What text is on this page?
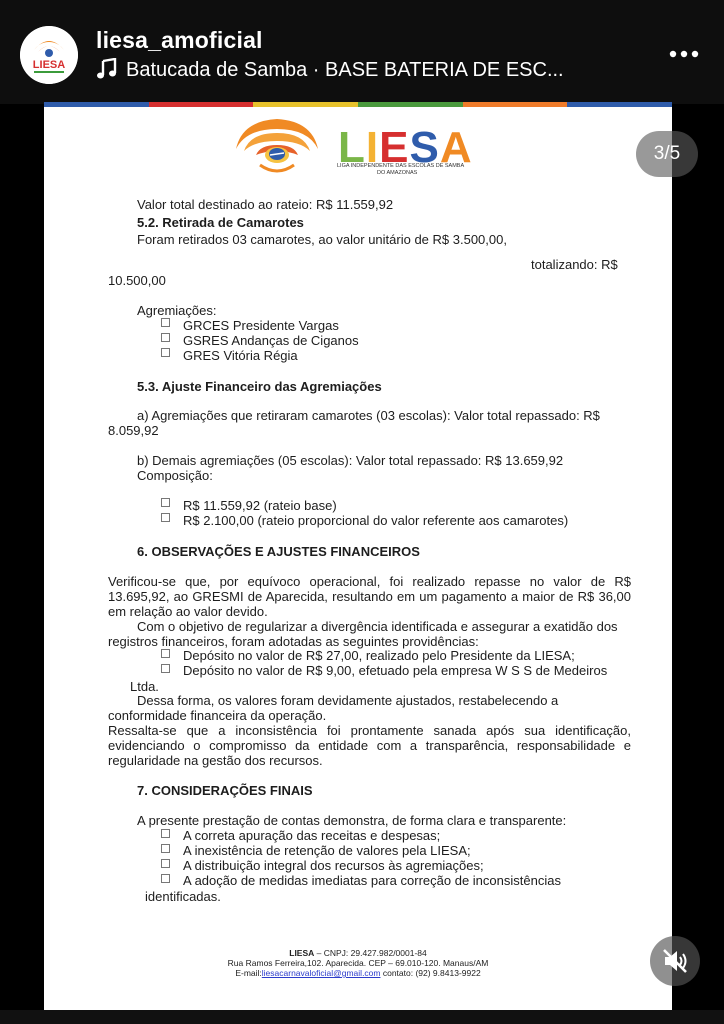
LIESA
liesa_amoficial
Batucada de Samba · BASE BATERIA DE ESC...
LIESA
LIGA INDEPENDENTE DAS ESCOLAS DE SAMBA
DO AMAZONAS
Valor total destinado ao rateio: R$ 11.559,92
5.2. Retirada de Camarotes
Foram retirados 03 camarotes, ao valor unitário de R$ 3.500,00,
totalizando: R$
10.500,00
Agremiações:
GRCES Presidente Vargas
GSRES Andanças de Ciganos
GRES Vitória Régia
5.3. Ajuste Financeiro das Agremiações
a) Agremiações que retiraram camarotes (03 escolas): Valor total repassado: R$
8.059,92
b) Demais agremiações (05 escolas): Valor total repassado: R$ 13.659,92
Composição:
R$ 11.559,92 (rateio base)
R$ 2.100,00 (rateio proporcional do valor referente aos camarotes)
6. OBSERVAÇÕES E AJUSTES FINANCEIROS
Verificou-se que, por equívoco operacional, foi realizado repasse no valor de R$ 13.695,92, ao GRESMI de Aparecida, resultando em um pagamento a maior de R$ 36,00 em relação ao valor devido.
Com o objetivo de regularizar a divergência identificada e assegurar a exatidão dos
registros financeiros, foram adotadas as seguintes providências:
Depósito no valor de R$ 27,00, realizado pelo Presidente da LIESA;
Depósito no valor de R$ 9,00, efetuado pela empresa W S S de Medeiros
Ltda.
Dessa forma, os valores foram devidamente ajustados, restabelecendo a
conformidade financeira da operação.
Ressalta-se que a inconsistência foi prontamente sanada após sua identificação, evidenciando o compromisso da entidade com a transparência, responsabilidade e regularidade na gestão dos recursos.
7. CONSIDERAÇÕES FINAIS
A presente prestação de contas demonstra, de forma clara e transparente:
A correta apuração das receitas e despesas;
A inexistência de retenção de valores pela LIESA;
A distribuição integral dos recursos às agremiações;
A adoção de medidas imediatas para correção de inconsistências
identificadas.
LIESA – CNPJ: 29.427.982/0001-84
Rua Ramos Ferreira,102. Aparecida. CEP – 69.010-120. Manaus/AM
E-mail:liesacarnavaloficial@gmail.com contato: (92) 9.8413-9922
3/5
